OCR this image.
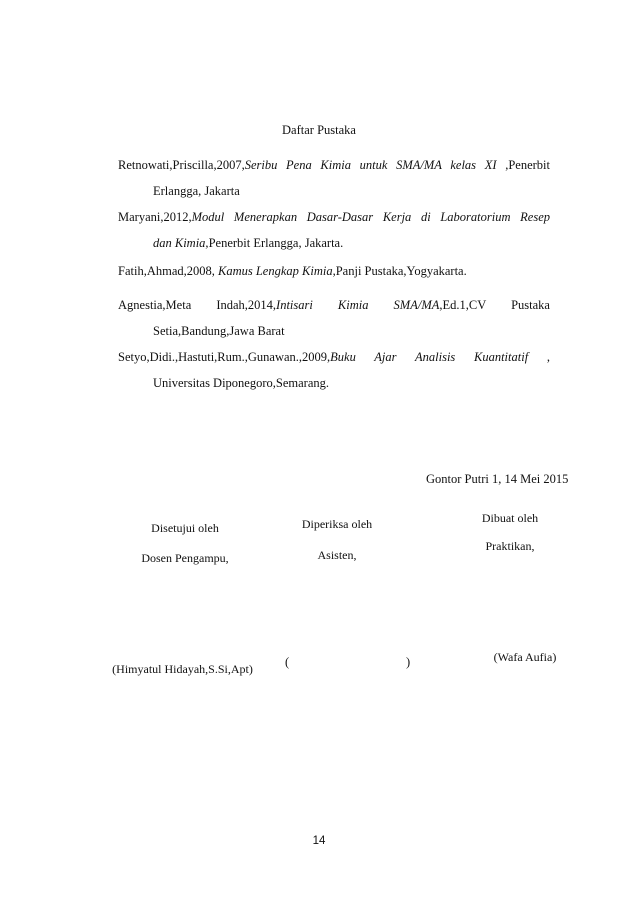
Daftar Pustaka
Retnowati,Priscilla,2007,Seribu Pena Kimia untuk SMA/MA kelas XI ,Penerbit
Erlangga, Jakarta
Maryani,2012,Modul Menerapkan Dasar-Dasar Kerja di Laboratorium Resep
dan Kimia,Penerbit Erlangga, Jakarta.
Fatih,Ahmad,2008, Kamus Lengkap Kimia,Panji Pustaka,Yogyakarta.
Agnestia,Meta Indah,2014,Intisari Kimia SMA/MA,Ed.1,CV Pustaka
Setia,Bandung,Jawa Barat
Setyo,Didi.,Hastuti,Rum.,Gunawan.,2009,Buku Ajar Analisis Kuantitatif ,
Universitas Diponegoro,Semarang.
Gontor Putri 1, 14 Mei 2015
Disetujui oleh
Dosen Pengampu,
(Himyatul Hidayah,S.Si,Apt)
Diperiksa oleh
Asisten,
(	)
Dibuat oleh
Praktikan,
(Wafa Aufia)
14
